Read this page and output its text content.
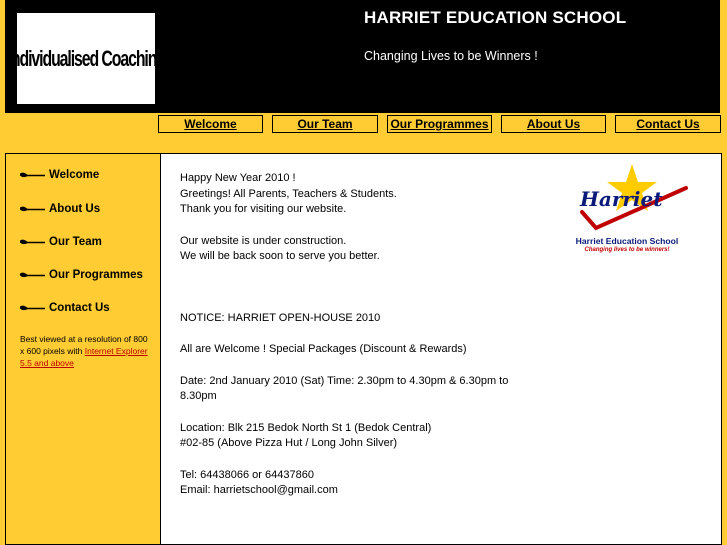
Individualised Coaching
HARRIET EDUCATION SCHOOL
Changing Lives to be Winners !
Welcome	Our Team	Our Programmes	About Us	Contact Us
Welcome
About Us
Our Team
Our Programmes
Contact Us
Best viewed at a resolution of 800 x 600 pixels with Internet Explorer 5.5 and above

Happy New Year 2010 !

Greetings! All Parents, Teachers & Students.

Thank you for visiting our website.

Our website is under construction.

We will be back soon to serve you better.

NOTICE: HARRIET OPEN-HOUSE 2010

All are Welcome ! Special Packages (Discount & Rewards)

Date: 2nd January 2010 (Sat) Time: 2.30pm to 4.30pm & 6.30pm to 8.30pm

Location: Blk 215 Bedok North St 1 (Bedok Central)

#02-85 (Above Pizza Hut / Long John Silver)

Tel: 64438066 or 64437860

Email: harrietschool@gmail.com

Harriet
Harriet Education School
Changing lives to be winners!
